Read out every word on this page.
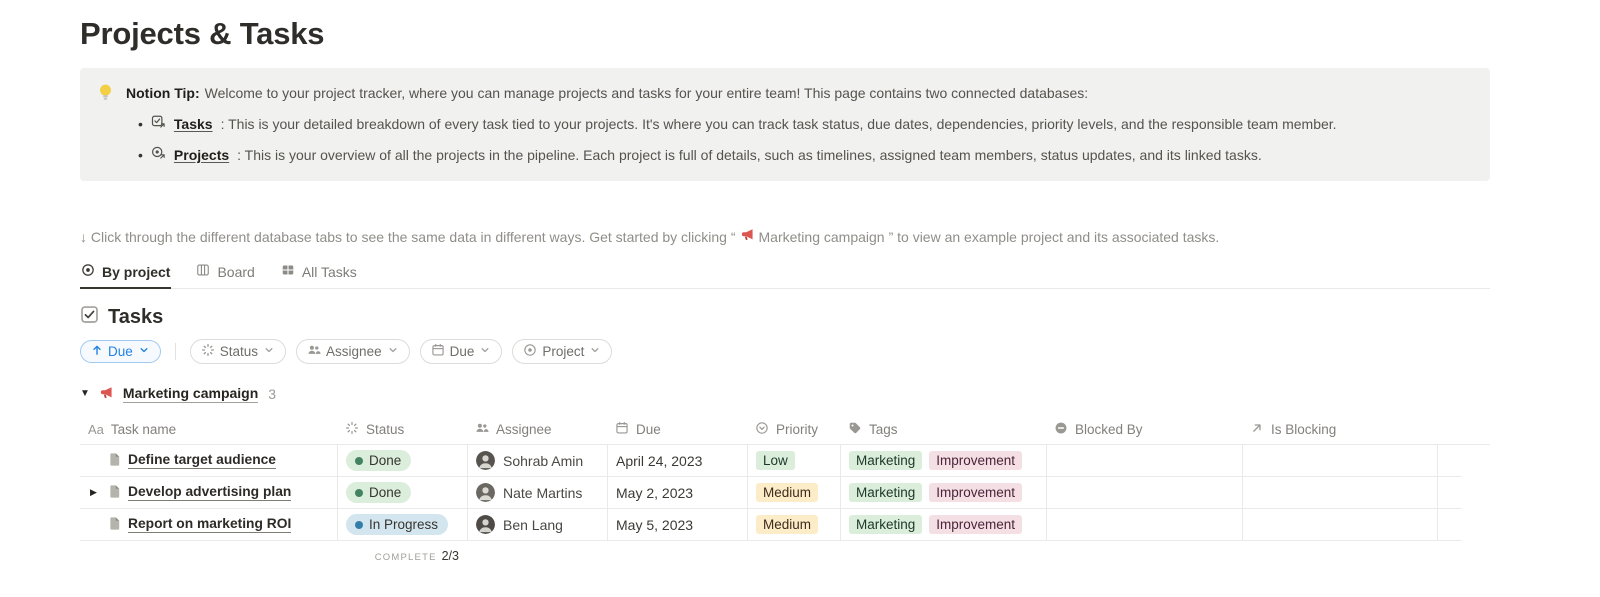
Projects & Tasks
Notion Tip: Welcome to your project tracker, where you can manage projects and tasks for your entire team! This page contains two connected databases:
• Tasks : This is your detailed breakdown of every task tied to your projects. It's where you can track task status, due dates, dependencies, priority levels, and the responsible team member.
• Projects : This is your overview of all the projects in the pipeline. Each project is full of details, such as timelines, assigned team members, status updates, and its linked tasks.
↓ Click through the different database tabs to see the same data in different ways. Get started by clicking “ Marketing campaign ” to view an example project and its associated tasks.
By project	Board	All Tasks
Tasks
Due	Status	Assignee	Due	Project
▼ Marketing campaign 3
Aa Task name	Status	Assignee	Due	Priority	Tags	Blocked By	Is Blocking
Define target audience	Done	Sohrab Amin April 24, 2023	Low	Marketing	Improvement
▶ Develop advertising plan	Done	Nate Martins May 2, 2023	Medium	Marketing	Improvement
Report on marketing ROI	In Progress	Ben Lang	May 5, 2023	Medium	Marketing	Improvement
COMPLETE 2/3
